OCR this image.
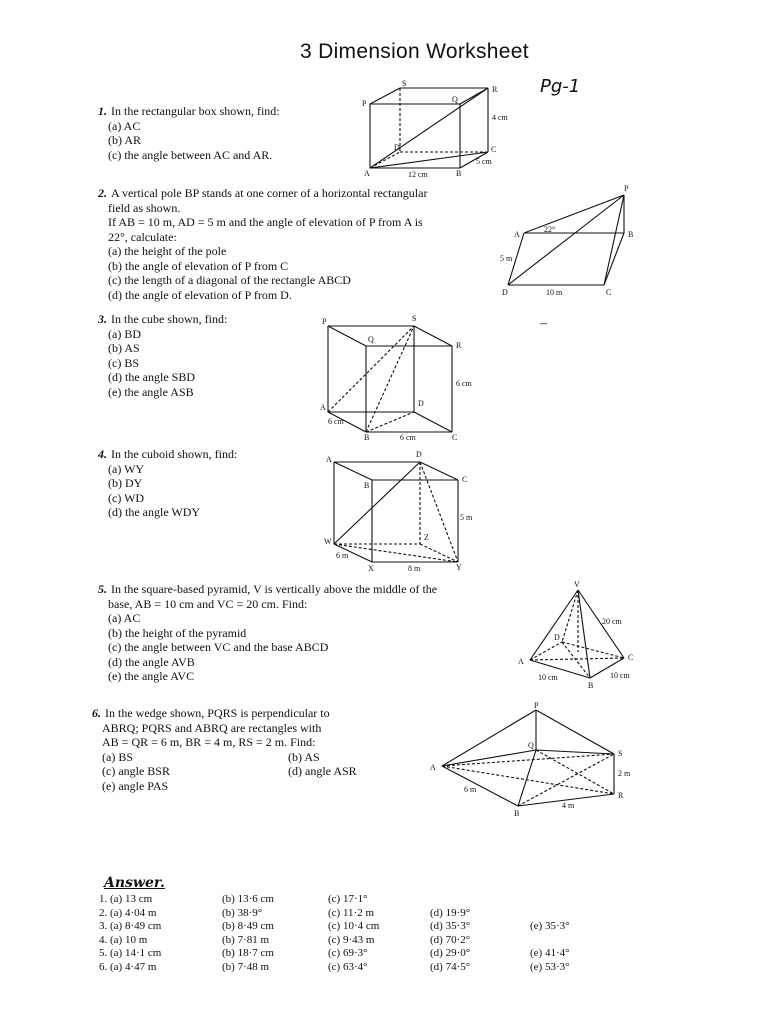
3 Dimension Worksheet
Pg-1
‒
1. In the rectangular box shown, find:
(a) AC
(b) AR
(c) the angle between AC and AR.
P	Q
R
S
A	B
C
D
4 cm
12 cm
5 cm
2. A vertical pole BP stands at one corner of a horizontal rectangular
field as shown.
If AB = 10 m, AD = 5 m and the angle of elevation of P from A is
22°, calculate:
(a) the height of the pole
(b) the angle of elevation of P from C
(c) the length of a diagonal of the rectangle ABCD
(d) the angle of elevation of P from D.
P
A	B
C
D
22°
5 m
10 m
3. In the cube shown, find:
(a) BD
(b) AS
(c) BS
(d) the angle SBD
(e) the angle ASB
P
Q
R
S
A
B	C
D
6 cm
6 cm
6 cm
4. In the cuboid shown, find:
(a) WY
(b) DY
(c) WD
(d) the angle WDY
A
B
C
D
W
X	Y
Z
5 m
6 m
8 m
5. In the square-based pyramid, V is vertically above the middle of the
base, AB = 10 cm and VC = 20 cm. Find:
(a) AC
(b) the height of the pyramid
(c) the angle between VC and the base ABCD
(d) the angle AVB
(e) the angle AVC
V
A
B
C
D
20 cm
10 cm	10 cm
6. In the wedge shown, PQRS is perpendicular to
ABRQ; PQRS and ABRQ are rectangles with
AB = QR = 6 m, BR = 4 m, RS = 2 m. Find:
(a) BS	(b) AS
(c) angle BSR	(d) angle ASR
(e) angle PAS
P
Q
R
S
A
B
2 m
6 m
4 m
Answer.
1. (a) 13 cm	(b) 13·6 cm	(c) 17·1°
2. (a) 4·04 m	(b) 38·9°	(c) 11·2 m	(d) 19·9°
3. (a) 8·49 cm	(b) 8·49 cm	(c) 10·4 cm	(d) 35·3°	(e) 35·3°
4. (a) 10 m	(b) 7·81 m	(c) 9·43 m	(d) 70·2°
5. (a) 14·1 cm	(b) 18·7 cm	(c) 69·3°	(d) 29·0°	(e) 41·4°
6. (a) 4·47 m	(b) 7·48 m	(c) 63·4°	(d) 74·5°	(e) 53·3°
